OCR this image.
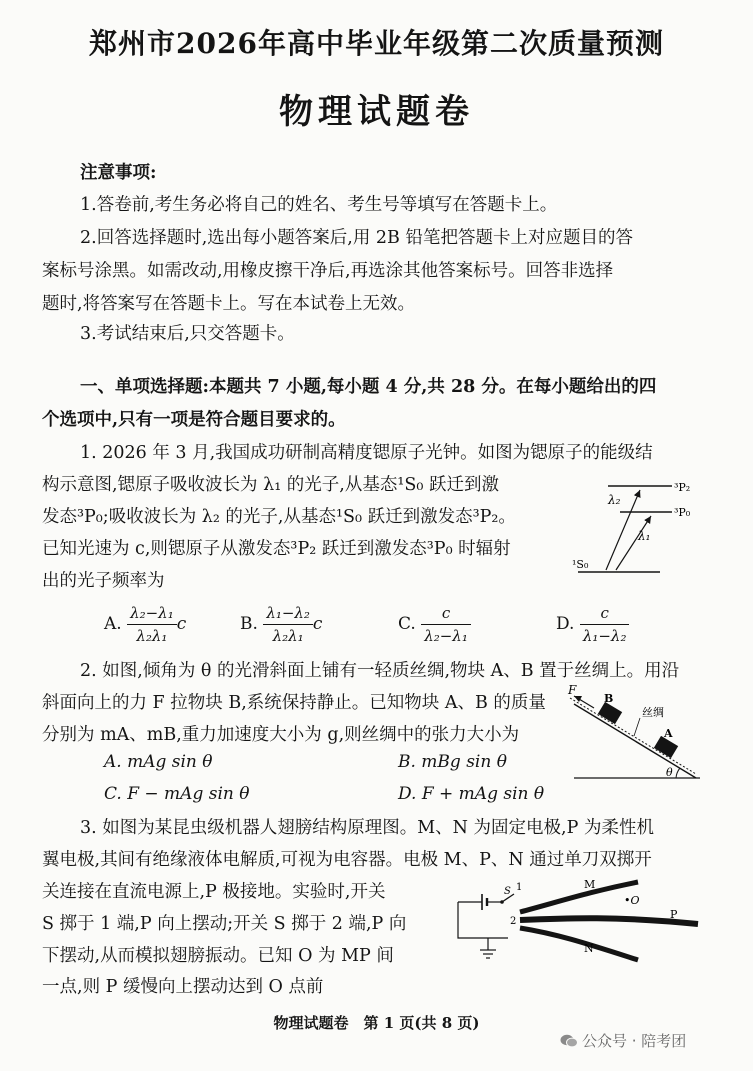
郑州市2026年高中毕业年级第二次质量预测
物理试题卷
注意事项:
1.答卷前,考生务必将自己的姓名、考生号等填写在答题卡上。
2.回答选择题时,选出每小题答案后,用 2B 铅笔把答题卡上对应题目的答
案标号涂黑。如需改动,用橡皮擦干净后,再选涂其他答案标号。回答非选择
题时,将答案写在答题卡上。写在本试卷上无效。
3.考试结束后,只交答题卡。
一、单项选择题:本题共 7 小题,每小题 4 分,共 28 分。在每小题给出的四
个选项中,只有一项是符合题目要求的。
1. 2026 年 3 月,我国成功研制高精度锶原子光钟。如图为锶原子的能级结
构示意图,锶原子吸收波长为 λ₁ 的光子,从基态¹S₀ 跃迁到激
发态³P₀;吸收波长为 λ₂ 的光子,从基态¹S₀ 跃迁到激发态³P₂。
已知光速为 c,则锶原子从激发态³P₂ 跃迁到激发态³P₀ 时辐射
出的光子频率为
³P₂
³P₀
¹S₀
λ₂
λ₁
A. $\frac{\text{λ₂−λ₁}}{\text{λ₂λ₁}}$ c	B. $\frac{\text{λ₁−λ₂}}{\text{λ₂λ₁}}$ c	C. $\frac{c}{\text{λ₂−λ₁}}$	D. $\frac{c}{\text{λ₁−λ₂}}$
2. 如图,倾角为 θ 的光滑斜面上铺有一轻质丝绸,物块 A、B 置于丝绸上。用沿
斜面向上的力 F 拉物块 B,系统保持静止。已知物块 A、B 的质量
分别为 mA、mB,重力加速度大小为 g,则丝绸中的张力大小为
F
B
A
丝绸
θ
A. mAg sin θ	B. mBg sin θ
C. F − mAg sin θ	D. F + mAg sin θ
3. 如图为某昆虫级机器人翅膀结构原理图。M、N 为固定电极,P 为柔性机
翼电极,其间有绝缘液体电解质,可视为电容器。电极 M、P、N 通过单刀双掷开
关连接在直流电源上,P 极接地。实验时,开关
S 掷于 1 端,P 向上摆动;开关 S 掷于 2 端,P 向
下摆动,从而模拟翅膀振动。已知 O 为 MP 间
一点,则 P 缓慢向上摆动达到 O 点前
S 1
2
M
P
N
•O
物理试题卷　第 1 页(共 8 页)
公众号 · 陪考团
